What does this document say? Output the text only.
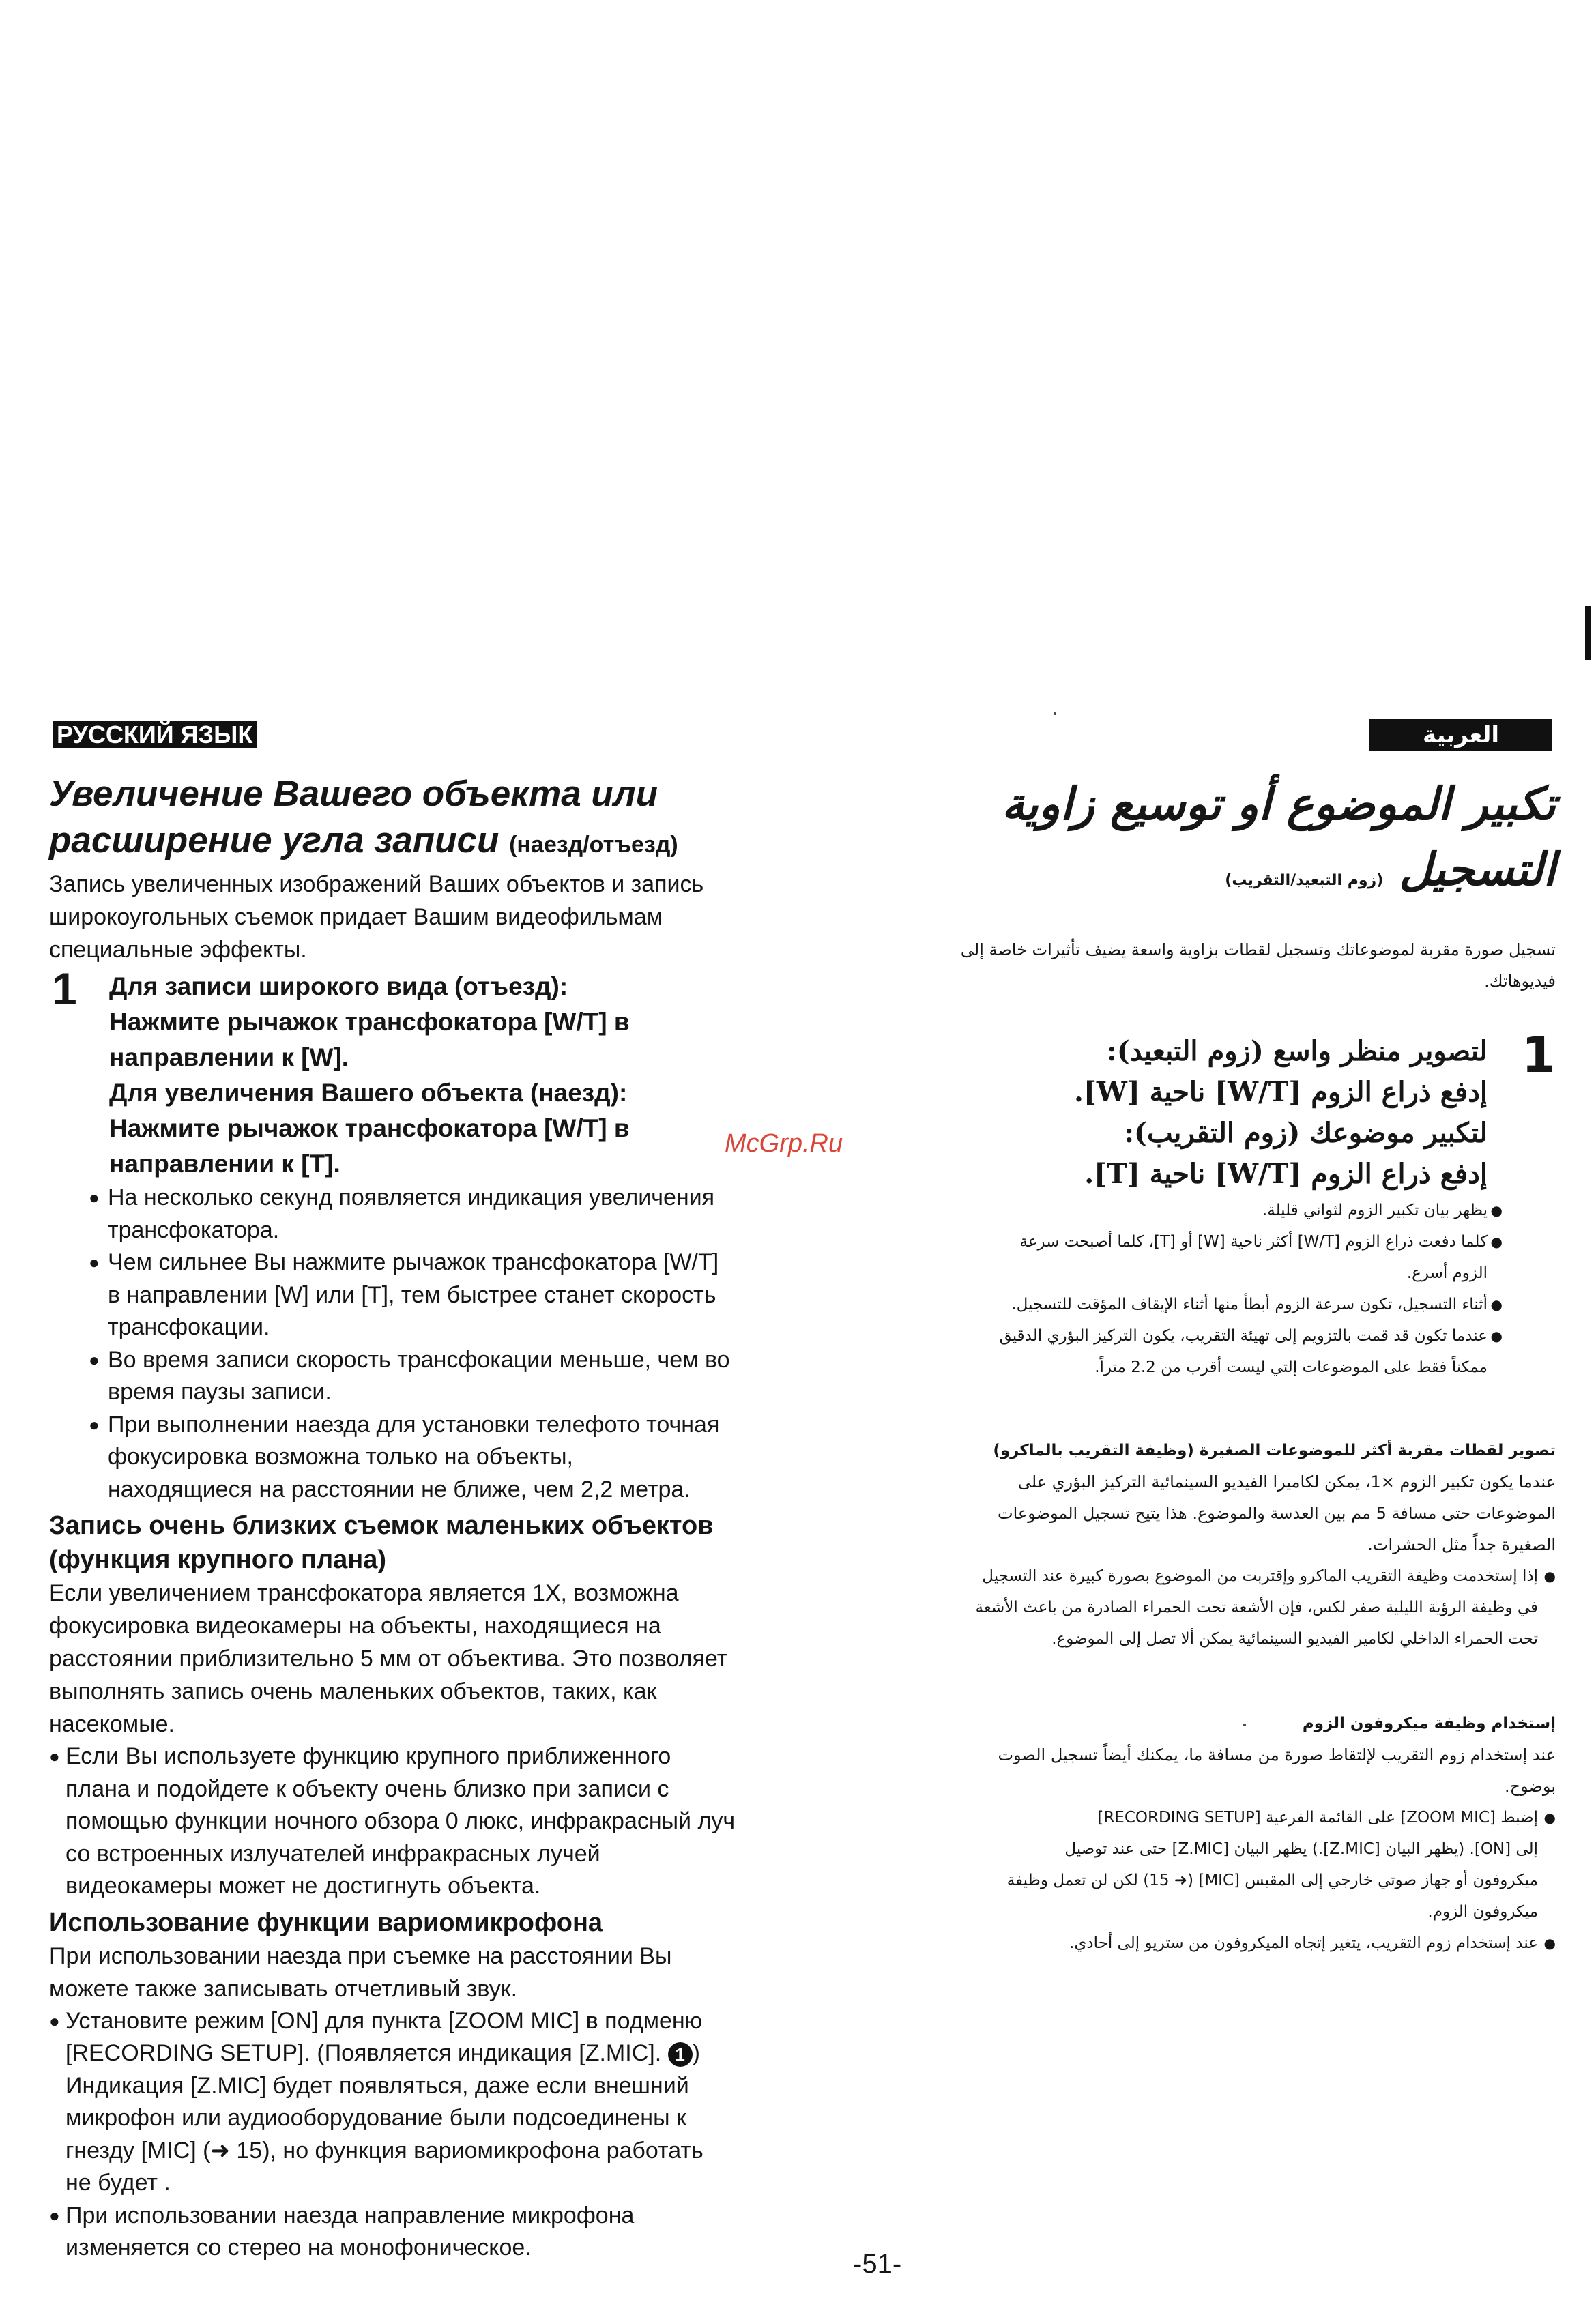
РУССКИЙ ЯЗЫК	العربية

Увеличение Вашего объекта или

расширение угла записи (наезд/отъезд)

Запись увеличенных изображений Ваших объектов и запись

широкоугольных съемок придает Вашим видеофильмам

специальные эффекты.

1 Для записи широкого вида (отъезд):

Нажмите рычажок трансфокатора [W/T] в

направлении к [W].

Для увеличения Вашего объекта (наезд):

Нажмите рычажок трансфокатора [W/T] в

направлении к [T].

● На несколько секунд появляется индикация увеличения

трансфокатора.

● Чем сильнее Вы нажмите рычажок трансфокатора [W/T]

в направлении [W] или [T], тем быстрее станет скорость

трансфокации.

● Во время записи скорость трансфокации меньше, чем во

время паузы записи.

● При выполнении наезда для установки телефото точная

фокусировка возможна только на объекты,

находящиеся на расстоянии не ближе, чем 2,2 метра.

Запись очень близких съемок маленьких объектов

(функция крупного плана)

Если увеличением трансфокатора является 1X, возможна

фокусировка видеокамеры на объекты, находящиеся на

расстоянии приблизительно 5 мм от объектива. Это позволяет

выполнять запись очень маленьких объектов, таких, как

насекомые.

● Если Вы используете функцию крупного приближенного

плана и подойдете к объекту очень близко при записи с

помощью функции ночного обзора 0 люкс, инфракрасный луч

со встроенных излучателей инфракрасных лучей

видеокамеры может не достигнуть объекта.

Использование функции вариомикрофона

При использовании наезда при съемке на расстоянии Вы

можете также записывать отчетливый звук.

● Установите режим [ON] для пункта [ZOOM MIC] в подменю

[RECORDING SETUP]. (Появляется индикация [Z.MIC]. 1 )

Индикация [Z.MIC] будет появляться, даже если внешний

микрофон или аудиооборудование были подсоединены к

гнезду [MIC] (➜ 15), но функция вариомикрофона работать

не будет .

● При использовании наезда направление микрофона

изменяется со стерео на монофоническое.

McGrp.Ru

تكبير الموضوع أو توسيع زاوية

التسجيل (زوم التبعيد/التقريب)

تسجيل صورة مقربة لموضوعاتك وتسجيل لقطات بزاوية واسعة يضيف تأثيرات خاصة إلى

فيديوهاتك.

1

لتصوير منظر واسع (زوم التبعيد):

إدفع ذراع الزوم [W/T] ناحية [W].

لتكبير موضوعك (زوم التقريب):

إدفع ذراع الزوم [W/T] ناحية [T].

●
يظهر بيان تكبير الزوم لثواني قليلة.

●
كلما دفعت ذراع الزوم [W/T] أكثر ناحية [W] أو [T]، كلما أصبحت سرعة

الزوم أسرع.

●
أثناء التسجيل، تكون سرعة الزوم أبطأ منها أثناء الإيقاف المؤقت للتسجيل.

●
عندما تكون قد قمت بالتزويم إلى تهيئة التقريب، يكون التركيز البؤري الدقيق

ممكناً فقط على الموضوعات إلتي ليست أقرب من 2.2 متراً.

تصوير لقطات مقربة أكثر للموضوعات الصغيرة (وظيفة التقريب بالماكرو)

عندما يكون تكبير الزوم ×1، يمكن لكاميرا الفيديو السينمائية التركيز البؤري على

الموضوعات حتى مسافة 5 مم بين العدسة والموضوع. هذا يتيح تسجيل الموضوعات

الصغيرة جداً مثل الحشرات.

●
إذا إستخدمت وظيفة التقريب الماكرو وإقتربت من الموضوع بصورة كبيرة عند التسجيل

في وظيفة الرؤية الليلية صفر لكس، فإن الأشعة تحت الحمراء الصادرة من باعث الأشعة

تحت الحمراء الداخلي لكامير الفيديو السينمائية يمكن ألا تصل إلى الموضوع.

إستخدام وظيفة ميكروفون الزوم

عند إستخدام زوم التقريب لإلتقاط صورة من مسافة ما، يمكنك أيضاً تسجيل الصوت

بوضوح.

●
إضبط [ZOOM MIC] على القائمة الفرعية [RECORDING SETUP]

إلى [ON]. (يظهر البيان [Z.MIC].) يظهر البيان [Z.MIC] حتى عند توصيل

ميكروفون أو جهاز صوتي خارجي إلى المقبس [MIC] (➜ 15) لكن لن تعمل وظيفة

ميكروفون الزوم.

●
عند إستخدام زوم التقريب، يتغير إتجاه الميكروفون من ستريو إلى أحادي.

-51-
